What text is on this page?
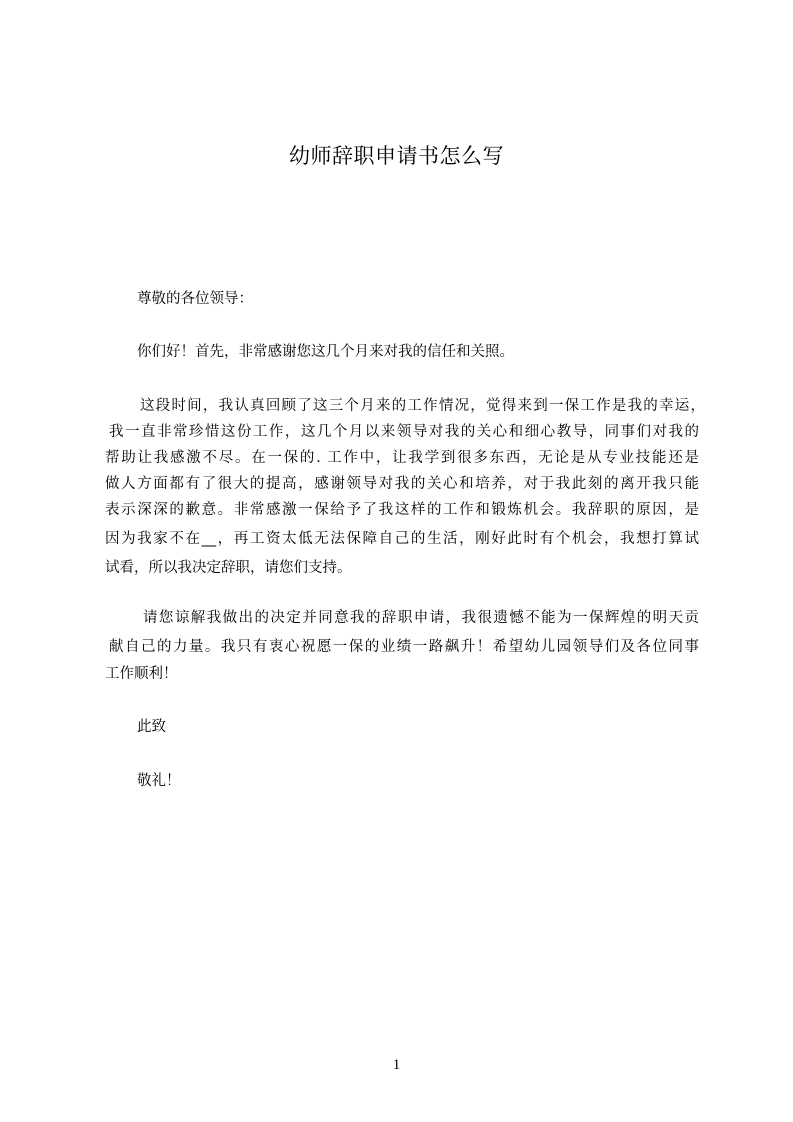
幼师辞职申请书怎么写
尊敬的各位领导：
你们好！首先，非常感谢您这几个月来对我的信任和关照。
这段时间，我认真回顾了这三个月来的工作情况，觉得来到一保工作是我的幸运，
我一直非常珍惜这份工作，这几个月以来领导对我的关心和细心教导，同事们对我的
帮助让我感激不尽。在一保的. 工作中，让我学到很多东西，无论是从专业技能还是
做人方面都有了很大的提高，感谢领导对我的关心和培养，对于我此刻的离开我只能
表示深深的歉意。非常感激一保给予了我这样的工作和锻炼机会。我辞职的原因，是
因为我家不在__，再工资太低无法保障自己的生活，刚好此时有个机会，我想打算试
试看，所以我决定辞职，请您们支持。
请您谅解我做出的决定并同意我的辞职申请，我很遗憾不能为一保辉煌的明天贡
献自己的力量。我只有衷心祝愿一保的业绩一路飙升！希望幼儿园领导们及各位同事
工作顺利！
此致
敬礼！
1
